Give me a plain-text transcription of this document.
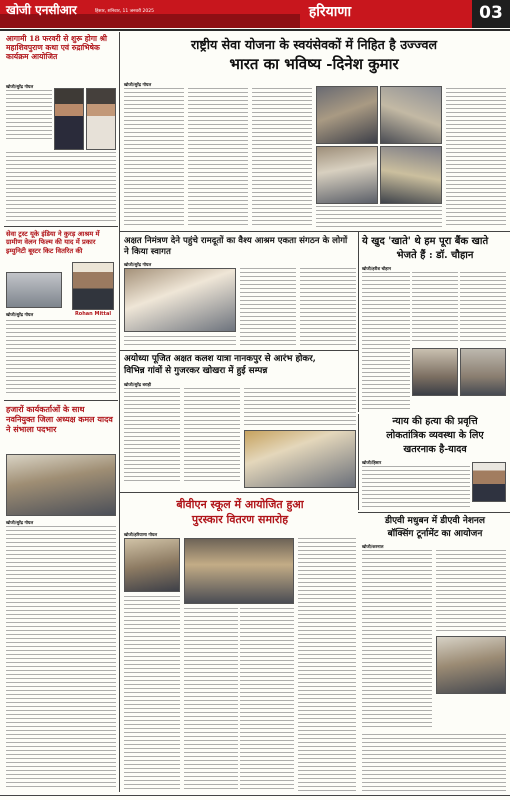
खोजी एनसीआर	हिसार, शनिवार, 11 जनवरी 2025	हरियाणा	03
आगामी 18 फरवरी से शुरू होगा श्री महाशिवपुराण कथा एवं रुद्राभिषेक कार्यक्रम आयोजित
खोजी/सुरेंद्र गोयल
राष्ट्रीय सेवा योजना के स्वयंसेवकों में निहित है उज्ज्वल
भारत का भविष्य -दिनेश कुमार
खोजी/सुरेंद्र गोयल
सेवा ट्रस्ट यूके इंडिया ने कुरड़ आश्रम में ग्रामीण वेलन फिल्म की याद में प्रकार इम्युनिटी बूस्टर किट वितरित की
Rohan Mittal
खोजी/सुरेंद्र गोयल
अक्षत निमंत्रण देने पहुंचे रामदूतों का वैश्य आश्रम एकता संगठन के लोगों ने किया स्वागत
खोजी/सुरेंद्र गोयल
ये खुद 'खाते' थे हम पूरा बैंक खाते
भेजते हैं : डॉ. चौहान
खोजी/हरीश चौहान
हजारों कार्यकर्ताओं के साथ नवनियुक्त जिला अध्यक्ष कमल यादव ने संभाला पदभार
खोजी/सुरेंद्र गोयल
अयोध्या पूजित अक्षत कलश यात्रा नानकपुर से आरंभ होकर,
विभिन्न गांवों से गुजरकर खोखरा में हुई सम्पन्न
खोजी/सुरेंद्र बराही
न्याय की हत्या की प्रवृत्ति
लोकतांत्रिक व्यवस्था के लिए
खतरनाक है-यादव
खोजी/हिसार
बीवीएन स्कूल में आयोजित हुआ
पुरस्कार वितरण समारोह
खोजी/हरियाणा गोयल
डीएवी मधुबन में डीएवी नेशनल
बॉक्सिंग टूर्नामेंट का आयोजन
खोजी/करनाल
